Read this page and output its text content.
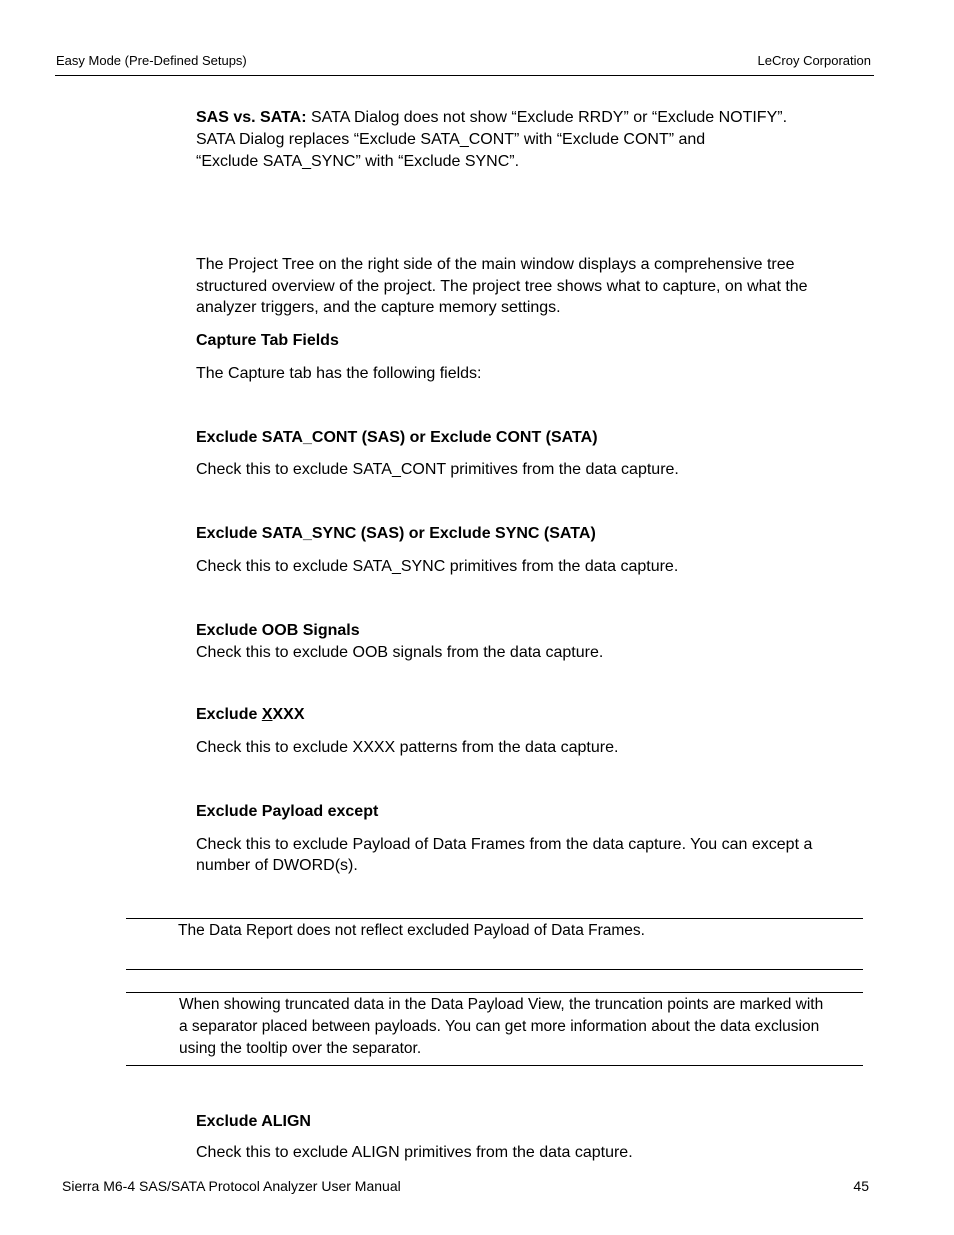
Easy Mode (Pre-Defined Setups)	LeCroy Corporation
SAS vs. SATA: SATA Dialog does not show “Exclude RRDY” or “Exclude NOTIFY”.
SATA Dialog replaces “Exclude SATA_CONT” with “Exclude CONT” and
“Exclude SATA_SYNC” with “Exclude SYNC”.
The Project Tree on the right side of the main window displays a comprehensive tree
structured overview of the project. The project tree shows what to capture, on what the
analyzer triggers, and the capture memory settings.
Capture Tab Fields
The Capture tab has the following fields:
Exclude SATA_CONT (SAS) or Exclude CONT (SATA)
Check this to exclude SATA_CONT primitives from the data capture.
Exclude SATA_SYNC (SAS) or Exclude SYNC (SATA)
Check this to exclude SATA_SYNC primitives from the data capture.
Exclude OOB Signals
Check this to exclude OOB signals from the data capture.
Exclude XXXX
Check this to exclude XXXX patterns from the data capture.
Exclude Payload except
Check this to exclude Payload of Data Frames from the data capture. You can except a
number of DWORD(s).
The Data Report does not reflect excluded Payload of Data Frames.
When showing truncated data in the Data Payload View, the truncation points are marked with
a separator placed between payloads. You can get more information about the data exclusion
using the tooltip over the separator.
Exclude ALIGN
Check this to exclude ALIGN primitives from the data capture.
Sierra M6-4 SAS/SATA Protocol Analyzer User Manual	45
